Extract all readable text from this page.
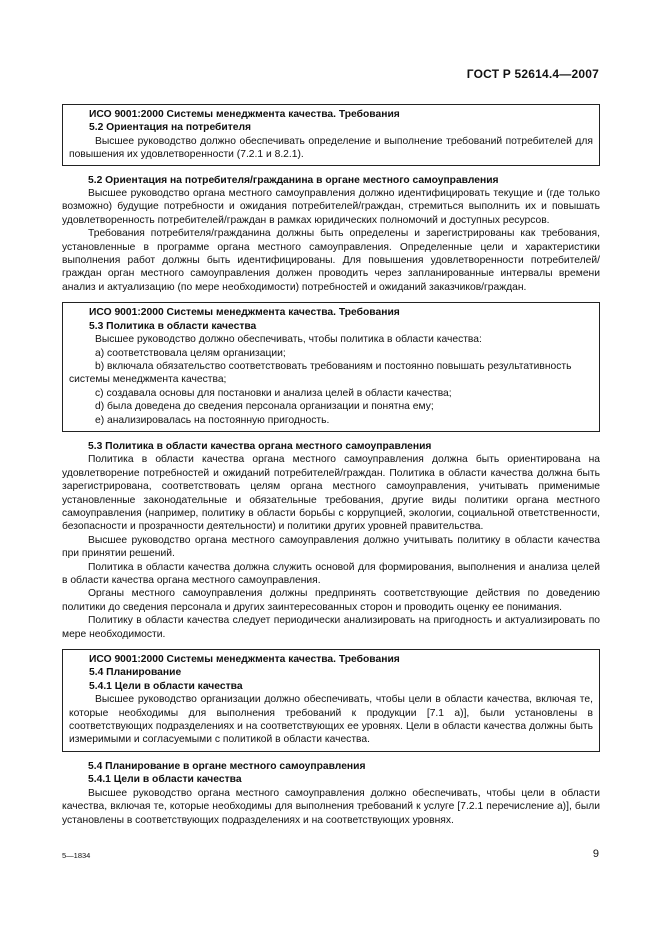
ГОСТ Р 52614.4—2007

ИСО 9001:2000 Системы менеджмента качества. Требования

5.2 Ориентация на потребителя

Высшее руководство должно обеспечивать определение и выполнение требований потребителей для повышения их удовлетворенности (7.2.1 и 8.2.1).

5.2 Ориентация на потребителя/гражданина в органе местного самоуправления

Высшее руководство органа местного самоуправления должно идентифицировать текущие и (где только возможно) будущие потребности и ожидания потребителей/граждан, стремиться выполнить их и повышать удовлетворенность потребителей/граждан в рамках юридических полномочий и доступных ресурсов.

Требования потребителя/гражданина должны быть определены и зарегистрированы как требования, установленные в программе органа местного самоуправления. Определенные цели и характеристики выполнения работ должны быть идентифицированы. Для повышения удовлетворенности потребителей/граждан орган местного самоуправления должен проводить через запланированные интервалы времени анализ и актуализацию (по мере необходимости) потребностей и ожиданий заказчиков/граждан.

ИСО 9001:2000 Системы менеджмента качества. Требования

5.3 Политика в области качества

Высшее руководство должно обеспечивать, чтобы политика в области качества:

а) соответствовала целям организации;

b) включала обязательство соответствовать требованиям и постоянно повышать результативность системы менеджмента качества;

с) создавала основы для постановки и анализа целей в области качества;

d) была доведена до сведения персонала организации и понятна ему;

е) анализировалась на постоянную пригодность.

5.3 Политика в области качества органа местного самоуправления

Политика в области качества органа местного самоуправления должна быть ориентирована на удовлетворение потребностей и ожиданий потребителей/граждан. Политика в области качества должна быть зарегистрирована, соответствовать целям органа местного самоуправления, учитывать применимые установленные законодательные и обязательные требования, другие виды политики органа местного самоуправления (например, политику в области борьбы с коррупцией, экологии, социальной ответственности, безопасности и прозрачности деятельности) и политики других уровней правительства.

Высшее руководство органа местного самоуправления должно учитывать политику в области качества при принятии решений.

Политика в области качества должна служить основой для формирования, выполнения и анализа целей в области качества органа местного самоуправления.

Органы местного самоуправления должны предпринять соответствующие действия по доведению политики до сведения персонала и других заинтересованных сторон и проводить оценку ее понимания.

Политику в области качества следует периодически анализировать на пригодность и актуализировать по мере необходимости.

ИСО 9001:2000 Системы менеджмента качества. Требования

5.4 Планирование

5.4.1 Цели в области качества

Высшее руководство организации должно обеспечивать, чтобы цели в области качества, включая те, которые необходимы для выполнения требований к продукции [7.1 а)], были установлены в соответствующих подразделениях и на соответствующих ее уровнях. Цели в области качества должны быть измеримыми и согласуемыми с политикой в области качества.

5.4 Планирование в органе местного самоуправления

5.4.1 Цели в области качества

Высшее руководство органа местного самоуправления должно обеспечивать, чтобы цели в области качества, включая те, которые необходимы для выполнения требований к услуге [7.2.1 перечисление а)], были установлены в соответствующих подразделениях и на соответствующих уровнях.

5—1834	9
